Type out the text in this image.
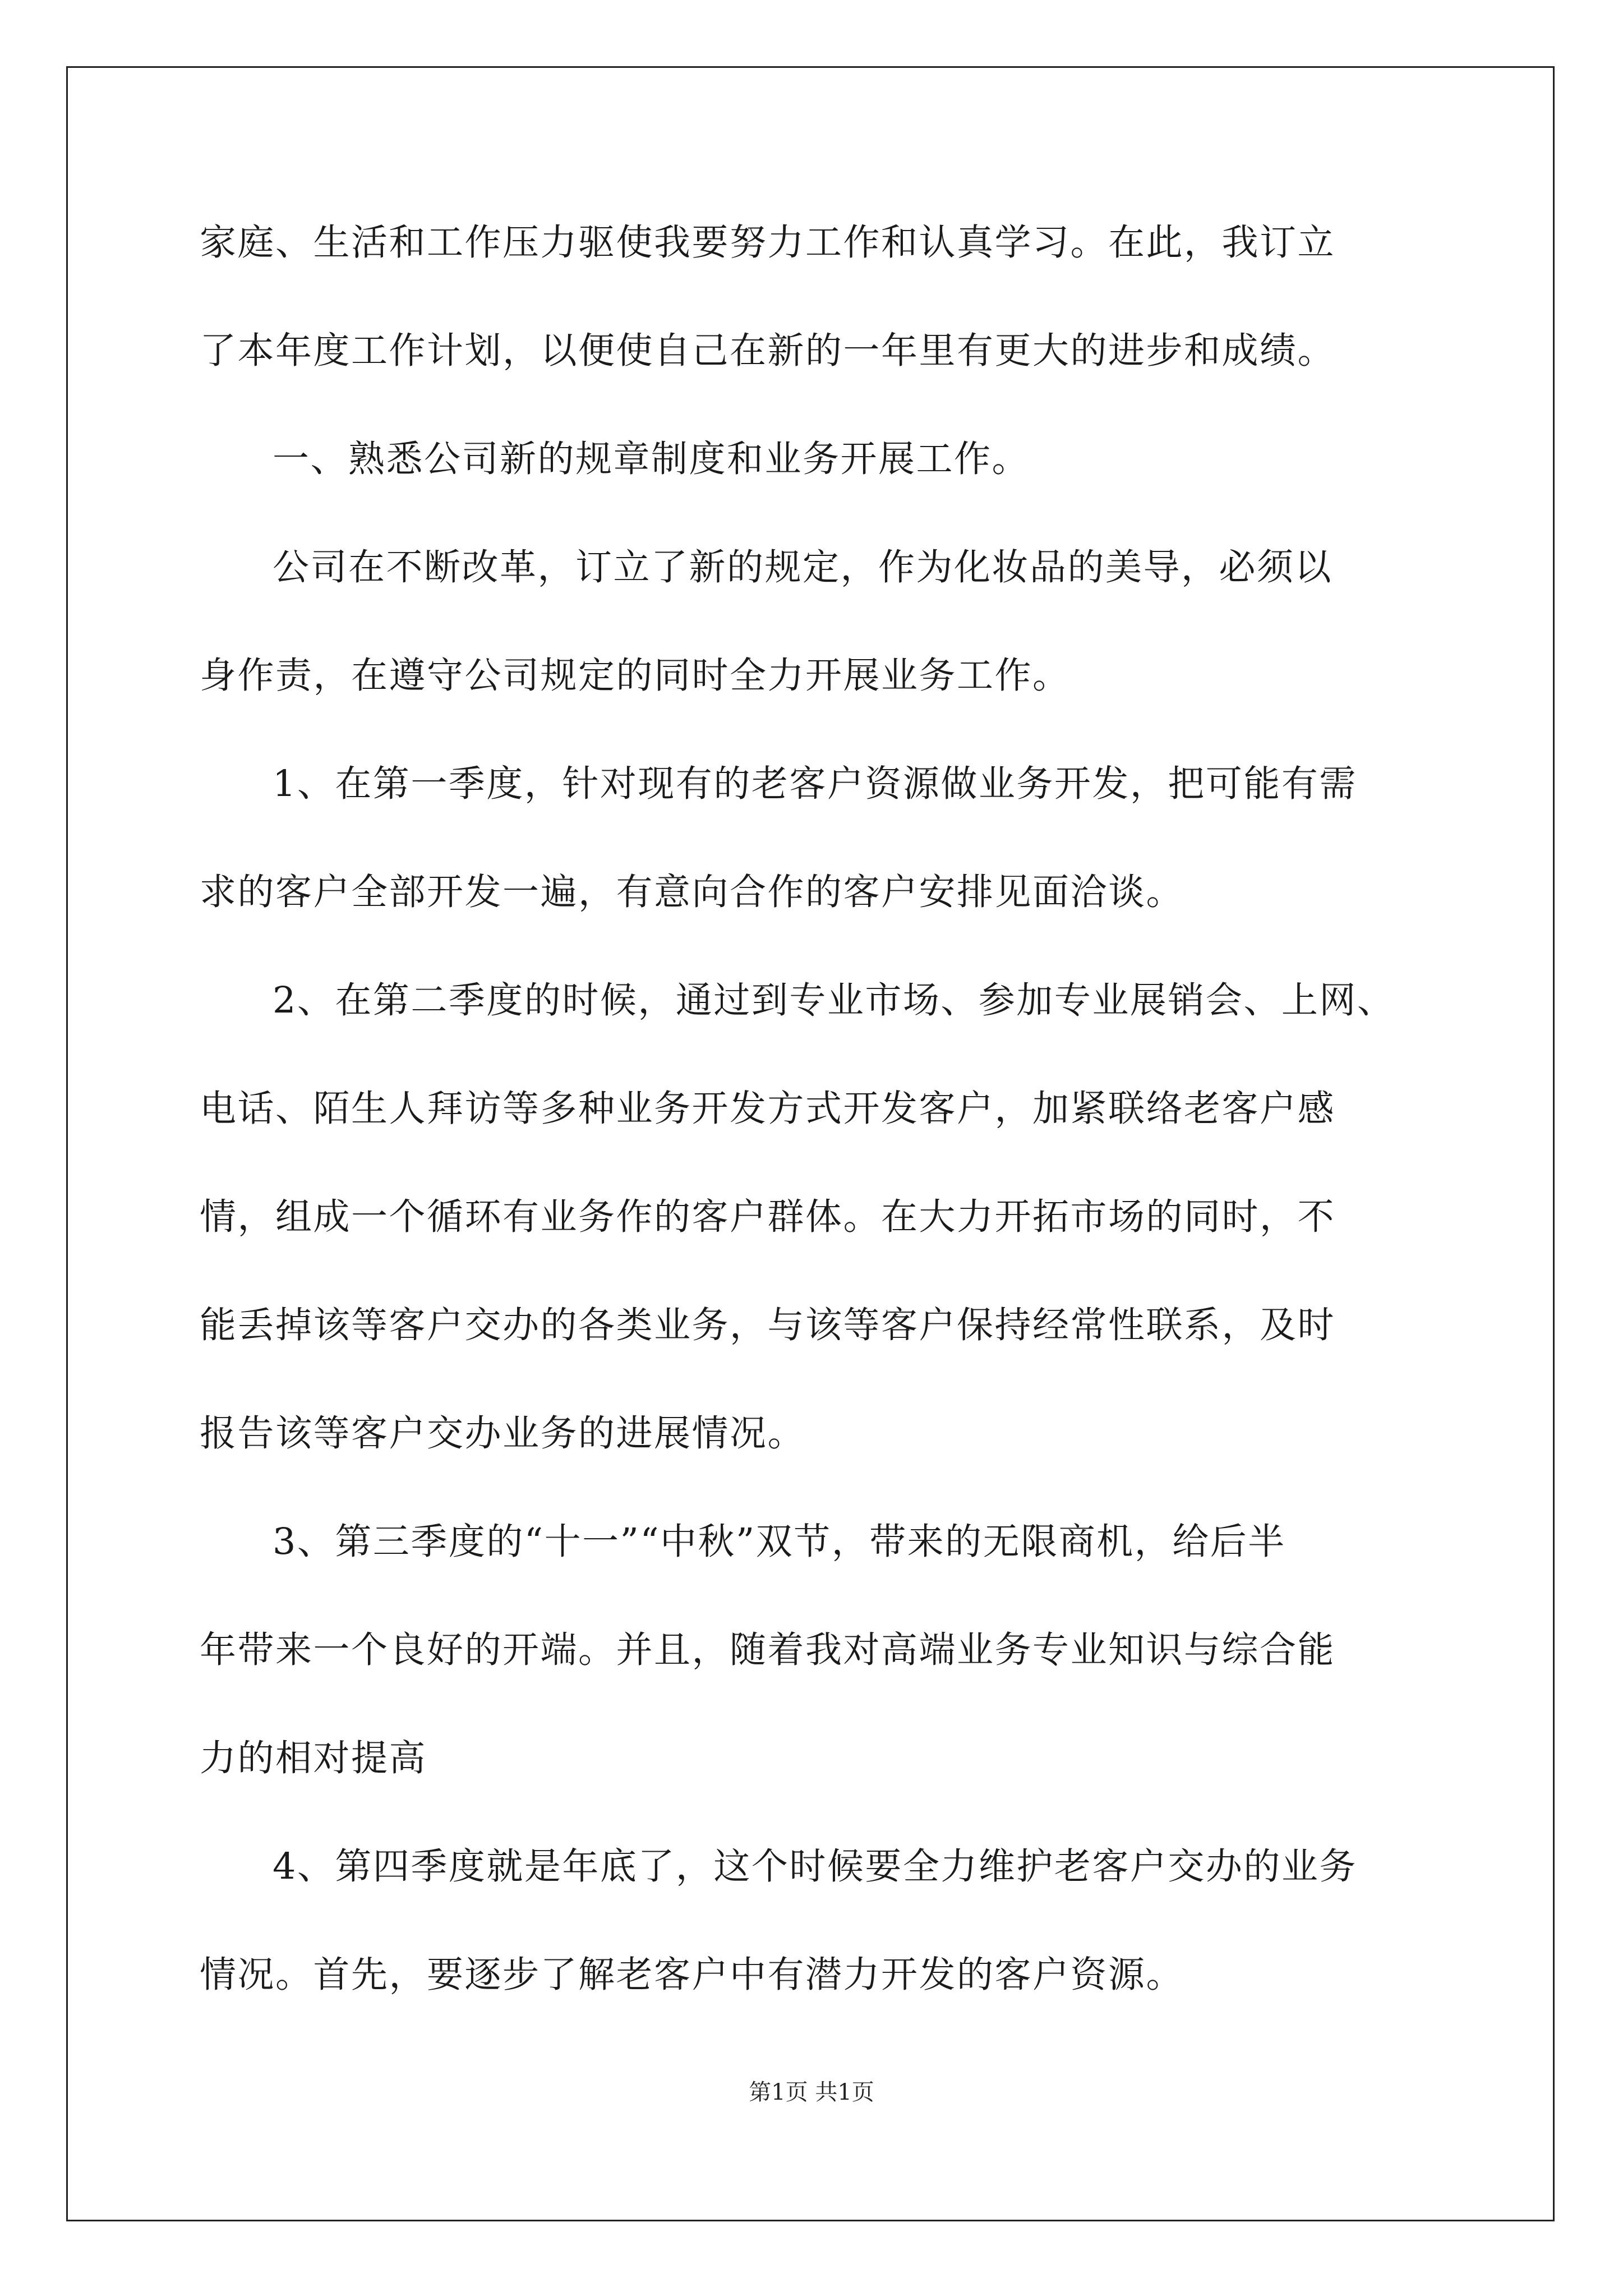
家庭、生活和工作压力驱使我要努力工作和认真学习。在此，我订立
了本年度工作计划，以便使自己在新的一年里有更大的进步和成绩。
一、熟悉公司新的规章制度和业务开展工作。
公司在不断改革，订立了新的规定，作为化妆品的美导，必须以
身作责，在遵守公司规定的同时全力开展业务工作。
1、在第一季度，针对现有的老客户资源做业务开发，把可能有需
求的客户全部开发一遍，有意向合作的客户安排见面洽谈。
2、在第二季度的时候，通过到专业市场、参加专业展销会、上网、
电话、陌生人拜访等多种业务开发方式开发客户，加紧联络老客户感
情，组成一个循环有业务作的客户群体。在大力开拓市场的同时，不
能丢掉该等客户交办的各类业务，与该等客户保持经常性联系，及时
报告该等客户交办业务的进展情况。
3、第三季度的“十一”“中秋”双节，带来的无限商机，给后半
年带来一个良好的开端。并且，随着我对高端业务专业知识与综合能
力的相对提高
4、第四季度就是年底了，这个时候要全力维护老客户交办的业务
情况。首先，要逐步了解老客户中有潜力开发的客户资源。
第1页 共1页
